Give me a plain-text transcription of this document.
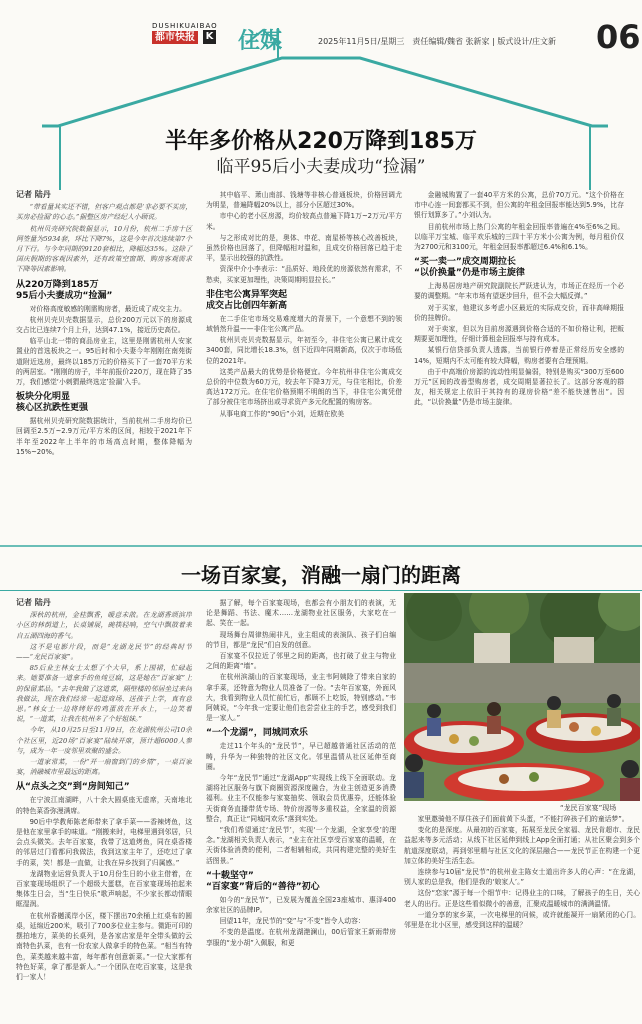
DUSHIKUAIBAO
都市快报	K 住媒	2025年11月5日/星期三　责任编辑/魏省 张新家 | 版式设计/庄文新 06
半年多价格从220万降到185万
临平95后小夫妻成功“捡漏”

记者 陆丹

“带看量其实还不错，但客户观点都是‘非必要不买房，买房必捡漏’的心态。”据整区房产经纪人小顾说。

杭州贝壳研究院数据显示，10月份，杭州二手房十区网签量为5934套，环比下降7%，这是今年首次连续第7个月下行。与今年同期的9120套相比，降幅达35%。这除了国庆假期的客观因素外，还有政策空窗期、购房客观需求下降等因素影响。

从220万降到185万
95后小夫妻成功“捡漏”

对价格高度敏感的刚需购房者，最近成了成交主力。

杭州贝壳贝壳数据显示，总价200万元以下的房源成交占比已连续7个月上升，达到47.1%，接近历史高位。

临平山北一带的商品房业主，这里是刚需杭州人安家置业的首选板块之一。95后时和小夫妻今年刚刚在南苑街道附近选房，最终以185万元的价格买下了一套70平方米的两居室。“刚刚的房子，半年前报价220万，现在降了35万，我们感觉‘小刺猬最终选定’捡漏’入手。

板块分化明显
核心区抗跌性更强

据杭州贝壳研究院数据统计，当前杭州二手房均价已回调至2.5万~2.9万元/平方米的区间，相较于2021年下半年至2022年上半年的市场高点时期，整体降幅为15%~20%。

其中临平、萧山南部、钱塘等非核心普通板块，价格回调尤为明显，普遍降幅20%以上，部分小区超过30%。

市中心的老小区房源，均价较高点普遍下降1万~2万元/平方米。

与之形成对比的是，奥体、申花、南星桥等核心改善板块，虽然价格也回落了，但降幅相对温和，且成交价格回落已趋于走平，显示出较强的抗跌性。

资深中介小李表示：“品质好、地段优的房源依然有需求，不愁卖，买家更加理性，决策周期明显拉长。”

非住宅公寓异军突起
成交占比创四年新高

在二手住宅市场交易难度增大的背景下，一个意想不到的领域悄然升温——非住宅公寓产品。

杭州贝壳贝壳数据显示，年初至今，非住宅公寓已累计成交3400套，同比增长18.3%，创下近四年同期新高，仅次于市场低位的2021年。

这类产品最大的优势是价格便宜。今年杭州非住宅公寓成交总价的中位数为60万元，较去年下降3万元，与住宅相比，价差高达172万元。在住宅价格预期不明朗的当下，非住宅公寓凭借了部分被住宅市场挤出或寻求资产多元化配置的购房客。

从事电商工作的“90后”小刘，近期在欧美

金融城购置了一套40平方米的公寓，总价70万元。“这个价格在市中心连一间套都买不到，但公寓的年租金回报率能达到5.9%，比存银行划算多了。”小刘认为。

目前杭州市场上热门公寓的年租金回报率普遍在4%至6%之间。以临平万宝城、临平欢乐城的三四十平方米小公寓为例，每月租价仅为2700元和3100元，年租金回报率都超过6.4%和6.1%。

“买一卖一”成交周期拉长
“以价换量”仍是市场主旋律

上海易居房地产研究院副院长严跃进认为，市场正在经历一个必要的调整期。“年末市场有望逐步回升，但不会大幅反弹。”

对于买家，他建议多考虑小区最近的实际成交价，而非高峰期报价的挂牌价。

对于卖家，但以为目前房源遇到价格合适的不如价格让利，把贩期要更加理性，仔细计算租金回报率与持有成本。

某银行信贷部负责人透露，当前银行停着是正常经历安全感的14%，短期内不太可能有较大降幅，购房者要有合理预期。

由于中高端价房源的流动性明显偏弱，特别是购买“300万至600万元”区间的改善型购房者，成交周期显著拉长了。这部分客观的群友，相关规定上依旧于其持有的现房价格“差不能快速售出”。因此，“以价换量”仍是市场主旋律。

一场百家宴，消融一扇门的距离

记者 陆丹

深秋的杭州，金桂飘香，暖意未散。在龙湖香颂滨岸小区的林荫道上，长桌铺展，碗筷轻响，空气中飘散着来自五湖四海的香气。

这不是电影片段，而是“龙湖龙民节”的经典时节——“龙民百家宴”。

85后业主林女士太想了个大早，系上围裙，忙碌起来。她要准备一道拿手的鱼炖豆腐，这是她在“百家宴”上的保留菜品。“去年我做了这道菜，隔壁楼的邻居坐过来问我做法，现在我们经常一起逛商场、送孩子上学，真有意思。”林女士一边将烤好的鸡蛋放在开水上，一边笑着说，“一道菜，让我在杭州多了个好姐妹。”

今年，从10月25日至11月9日，在龙湖杭州公司10余个社区里，近20场“百家宴”陆续开席，预计超6000人参与，成为一年一度邻里欢聚的盛会。

一道家常菜，一份“开一扇窗到门的乡情”，一桌百家宴，消融城市里最远的距离。

从“点头之交”到“房间知己”

在宁波江南湖畔，八十余大圆桌座无虚席，天南地北的特色菜香弥漫满席。

90后中学教师陈老师带来了拿手菜——香辣烤鱼，这是他在家里拿手的味道。“刚搬来时，电梯里遇到邻居，只会点头微笑。去年百家宴，我带了这道烤鱼，同在桌香楼的邻居过门看都问我做法，我到这家主年了，还吃过了拿手的菜，笑！都是一直做，让我在异乡找到了归属感。”

龙湖物业运营负责人于10月份生日的小业主借着，在百家宴现场组织了一个超级大蛋糕，在百家宴现场拍起来集体生日会，当“生日快乐”歌声响起，不少家长都动情眼眶湿润。

在杭州香樾溪岸小区，楼下摆出70余桶上红桌布的圆桌，延绵近200米，吸引了700多位业主参与。微距可印的摆拍地方，菜美的长桌列，是各家店家是年全带头做的云南特色扒菜，也有一份农家人做拿手的特色菜。“相当有特色，菜类越来越丰富，每年都有创意新菜。”一位大家都有特色好菜，拿了都是新人。”一个团队在吃百家宴，这是我们一家人！

据了解，每个百家宴现场，也都会有小朋友们的表演，无论是舞蹈、书法、魔术……龙湖物业社区服务，大家吃在一起、笑在一起。

现场舞台周律热闹非凡，业主组成的表演队、孩子们自编的节目，都是“龙民”们自发的创意。

百家宴不仅拉近了邻里之间的距离，也打破了业主与物业之间的距离“墙”。

在杭州滨湖山的百家宴现场，业主韦阿姨除了带来自家的拿手菜，还特意为物业人员准备了一份。“去年百家宴，外面风大，我看到物业人员忙前忙后，都顾不上吃饭，特别感动。”韦阿姨说，“今年我一定要让他们也尝尝业主的手艺，感受到我们是一家人。”

“一个龙湖”，同城同欢乐

走过11个年头的“龙民节”，早已超越普通社区活动的范畴，升华为一种独特的社区文化。邻里温情从社区延伸至商圈。

今年“龙民节”通过“龙湖App”实现线上线下全面联动。龙湖将社区服务与旗下商圈资源深度融合，为业主创造更多消费福利。业主不仅能参与家宴抽奖、领取会员优惠券，还能体验天街商务直播带货专场、特价房源等多重权益，全家温的资源整合，真正让“同城同欢乐”落到实处。

“我们希望通过‘龙民节’，实现‘一个龙湖，全家享受’的理念。”龙湖相关负责人表示，“业主在社区享受百家宴的温暖，在天街体验消费的便利，二者相辅相成，共同构建完整的美好生活图景。”

“十载坚守”
“百家宴”背后的“善待”初心

如今的“龙民节”，已发展为覆盖全国23座城市、惠泽400余家社区的品牌IP。

回望11年，龙民节的“变”与“不变”皆令人动容：

不变的是温度。在杭州龙湖滟澜山，00后管家王新雨带房享服的“龙小胡”入佩服，和更

“龙民百家宴”现场

家里邀骑他不厚住孩子们面前黄下头蛋，“不能打碎孩子们的童话梦”。

变化的是深度。从最初的百家宴，拓展至龙民全家福、龙民肯超市、龙民益起来等多元活动；从线下社区延伸到线上App全面打通；从社区聚会到多个航道深度联动，再到邻里精与社区文化的深层融合——龙民节正在构建一个更加立体的美好生活生态。

连续参与10届“龙民节”的杭州业主陈女士道出许多人的心声：“在龙湖，别人家的总是我，他们是我的‘娘家人’。”

这份“恋家”源于每一个细节中：记得业主的口味，了解孩子的生日，关心老人的出行。正是这些看似微小的善意，汇聚成温暖城市的满满温情。

一道分享的家乡菜，一次电梯里的问候，或许就能凝开一扇紧闭的心门。邻里是在北小区里，感受到这样的温暖？
